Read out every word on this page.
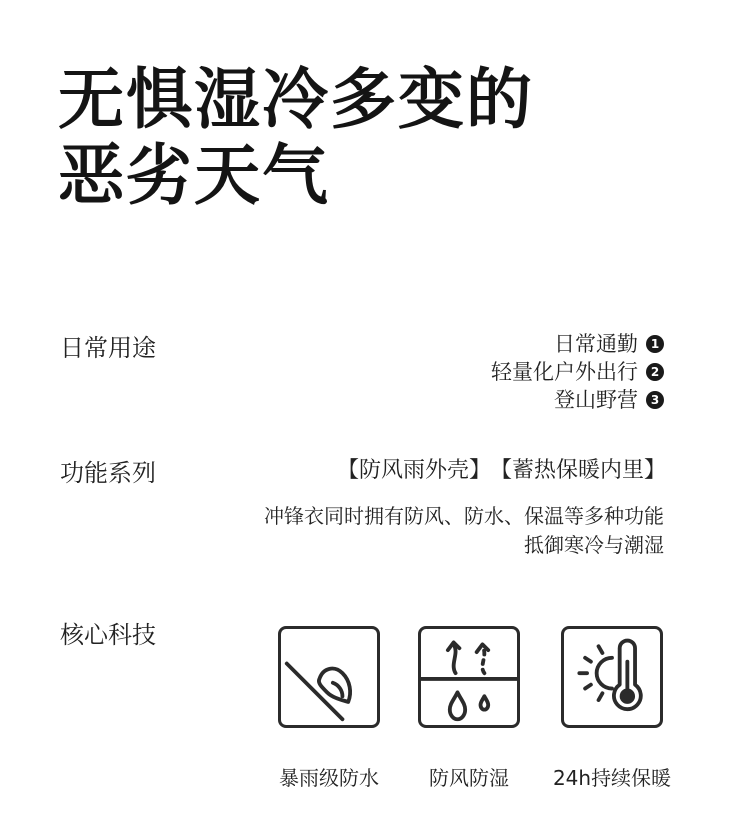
无惧湿冷多变的
恶劣天气
日常用途	日常通勤	1
轻量化户外出行	2
登山野营	3
功能系列	【防风雨外壳】 【蓄热保暖内里】
冲锋衣同时拥有防风、防水、保温等多种功能
抵御寒冷与潮湿
核心科技
暴雨级防水	防风防湿	24h持续保暖
